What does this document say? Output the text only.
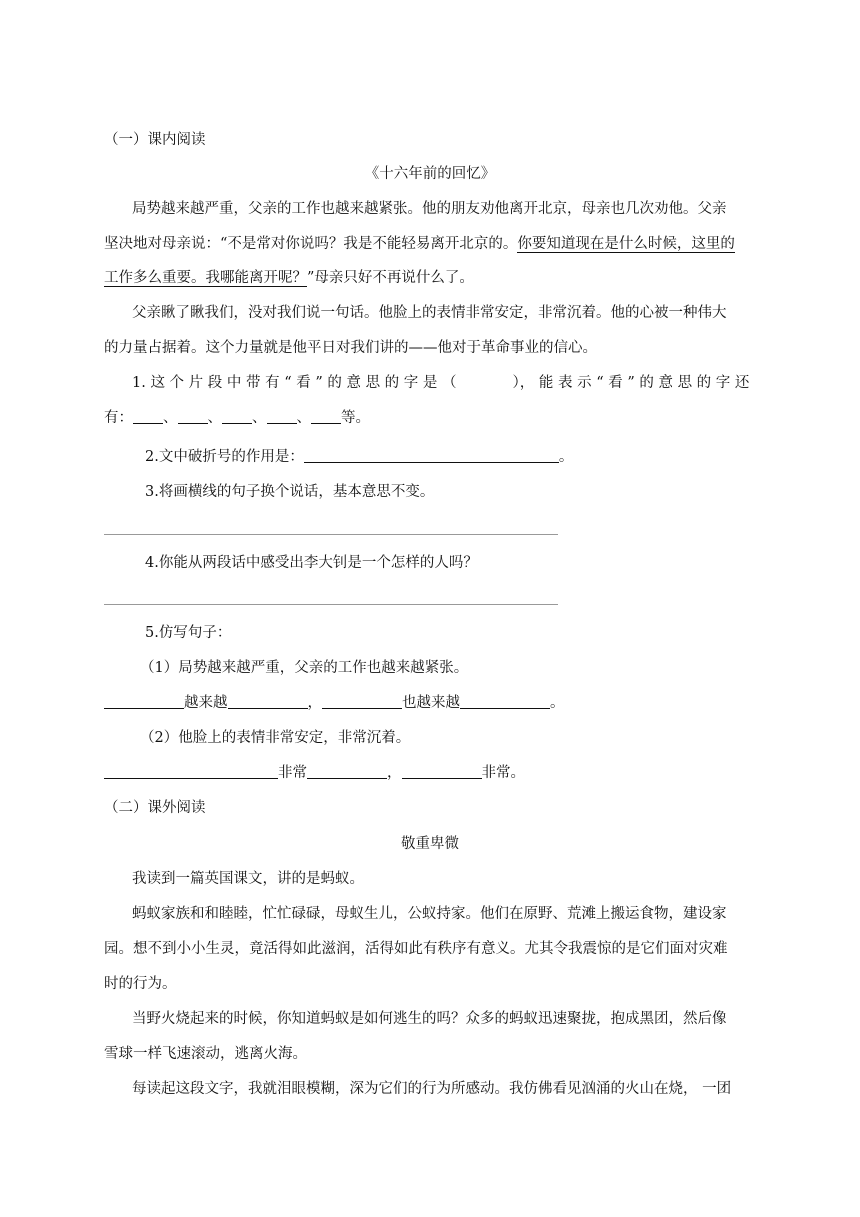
（一）课内阅读
《十六年前的回忆》
局势越来越严重，父亲的工作也越来越紧张。他的朋友劝他离开北京，母亲也几次劝他。父亲
坚决地对母亲说：“不是常对你说吗？我是不能轻易离开北京的。你要知道现在是什么时候，这里的
工作多么重要。我哪能离开呢？”母亲只好不再说什么了。
父亲瞅了瞅我们，没对我们说一句话。他脸上的表情非常安定，非常沉着。他的心被一种伟大
的力量占据着。这个力量就是他平日对我们讲的——他对于革命事业的信心。
1. 这 个 片 段 中 带 有 “ 看 ” 的 意 思 的 字 是 （	）， 能 表 示 “ 看 ” 的 意 思 的 字 还
有： 、 、 、 、 等。
2.文中破折号的作用是：	。
3.将画横线的句子换个说话，基本意思不变。
4.你能从两段话中感受出李大钊是一个怎样的人吗？
5.仿写句子：
（1）局势越来越严重，父亲的工作也越来越紧张。
越来越	，	也越来越	。
（2）他脸上的表情非常安定，非常沉着。
非常	，	非常。
（二）课外阅读
敬重卑微
我读到一篇英国课文，讲的是蚂蚁。
蚂蚁家族和和睦睦，忙忙碌碌，母蚁生儿，公蚁持家。他们在原野、荒滩上搬运食物，建设家
园。想不到小小生灵，竟活得如此滋润，活得如此有秩序有意义。尤其令我震惊的是它们面对灾难
时的行为。
当野火烧起来的时候，你知道蚂蚁是如何逃生的吗？众多的蚂蚁迅速聚拢，抱成黑团，然后像
雪球一样飞速滚动，逃离火海。
每读起这段文字，我就泪眼模糊，深为它们的行为所感动。我仿佛看见汹涌的火山在烧， 一团
